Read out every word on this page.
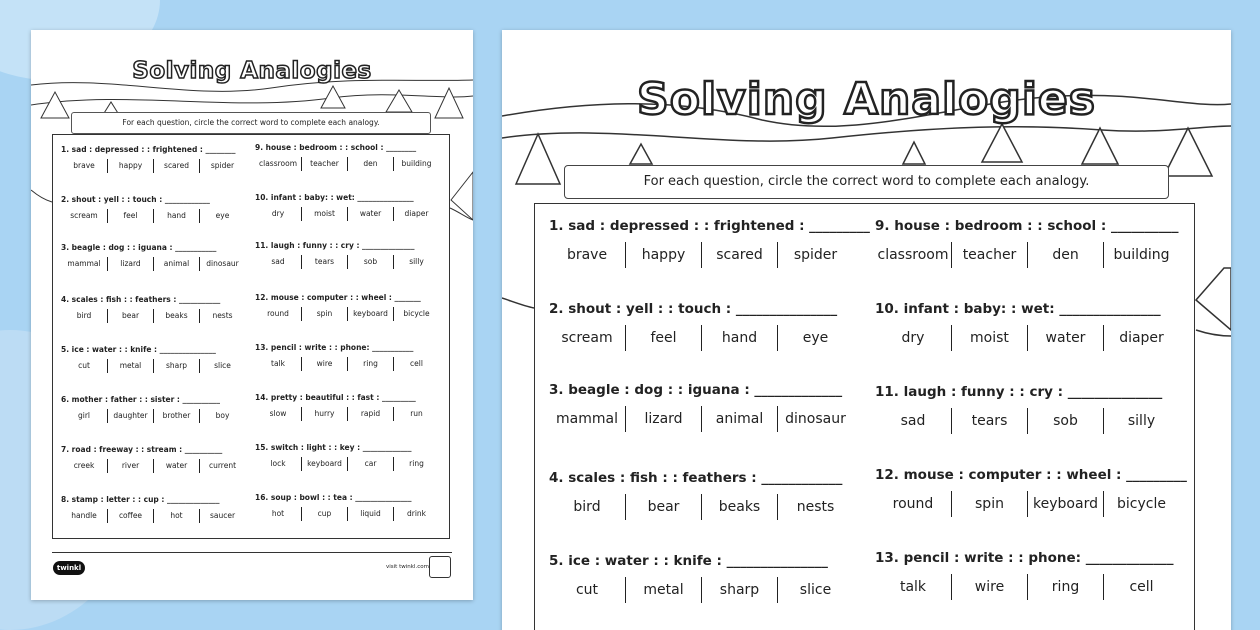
Solving Analogies
For each question, circle the correct word to complete each analogy.
1. sad : depressed : : frightened : ________
brave	happy	scared	spider
2. shout : yell : : touch : ____________
scream	feel	hand	eye
3. beagle : dog : : iguana : ___________
mammal	lizard	animal	dinosaur
4. scales : fish : : feathers : ___________
bird	bear	beaks	nests
5. ice : water : : knife : _______________
cut	metal	sharp	slice
6. mother : father : : sister : __________
girl	daughter	brother	boy
7. road : freeway : : stream : __________
creek	river	water	current
8. stamp : letter : : cup : ______________
handle	coffee	hot	saucer
9. house : bedroom : : school : ________
classroom	teacher	den	building
10. infant : baby: : wet: _______________
dry	moist	water	diaper
11. laugh : funny : : cry : ______________
sad	tears	sob	silly
12. mouse : computer : : wheel : _______
round	spin	keyboard	bicycle
13. pencil : write : : phone: ___________
talk	wire	ring	cell
14. pretty : beautiful : : fast : _________
slow	hurry	rapid	run
15. switch : light : : key : _____________
lock	keyboard	car	ring
16. soup : bowl : : tea : _______________
hot	cup	liquid	drink
twinkl	visit twinkl.com
Solving Analogies
For each question, circle the correct word to complete each analogy.
1. sad : depressed : : frightened : _________
brave	happy	scared	spider
2. shout : yell : : touch : _______________
scream	feel	hand	eye
3. beagle : dog : : iguana : _____________
mammal	lizard	animal	dinosaur
4. scales : fish : : feathers : ____________
bird	bear	beaks	nests
5. ice : water : : knife : _______________
cut	metal	sharp	slice
9. house : bedroom : : school : __________
classroom	teacher	den	building
10. infant : baby: : wet: _______________
dry	moist	water	diaper
11. laugh : funny : : cry : ______________
sad	tears	sob	silly
12. mouse : computer : : wheel : _________
round	spin	keyboard	bicycle
13. pencil : write : : phone: _____________
talk	wire	ring	cell
